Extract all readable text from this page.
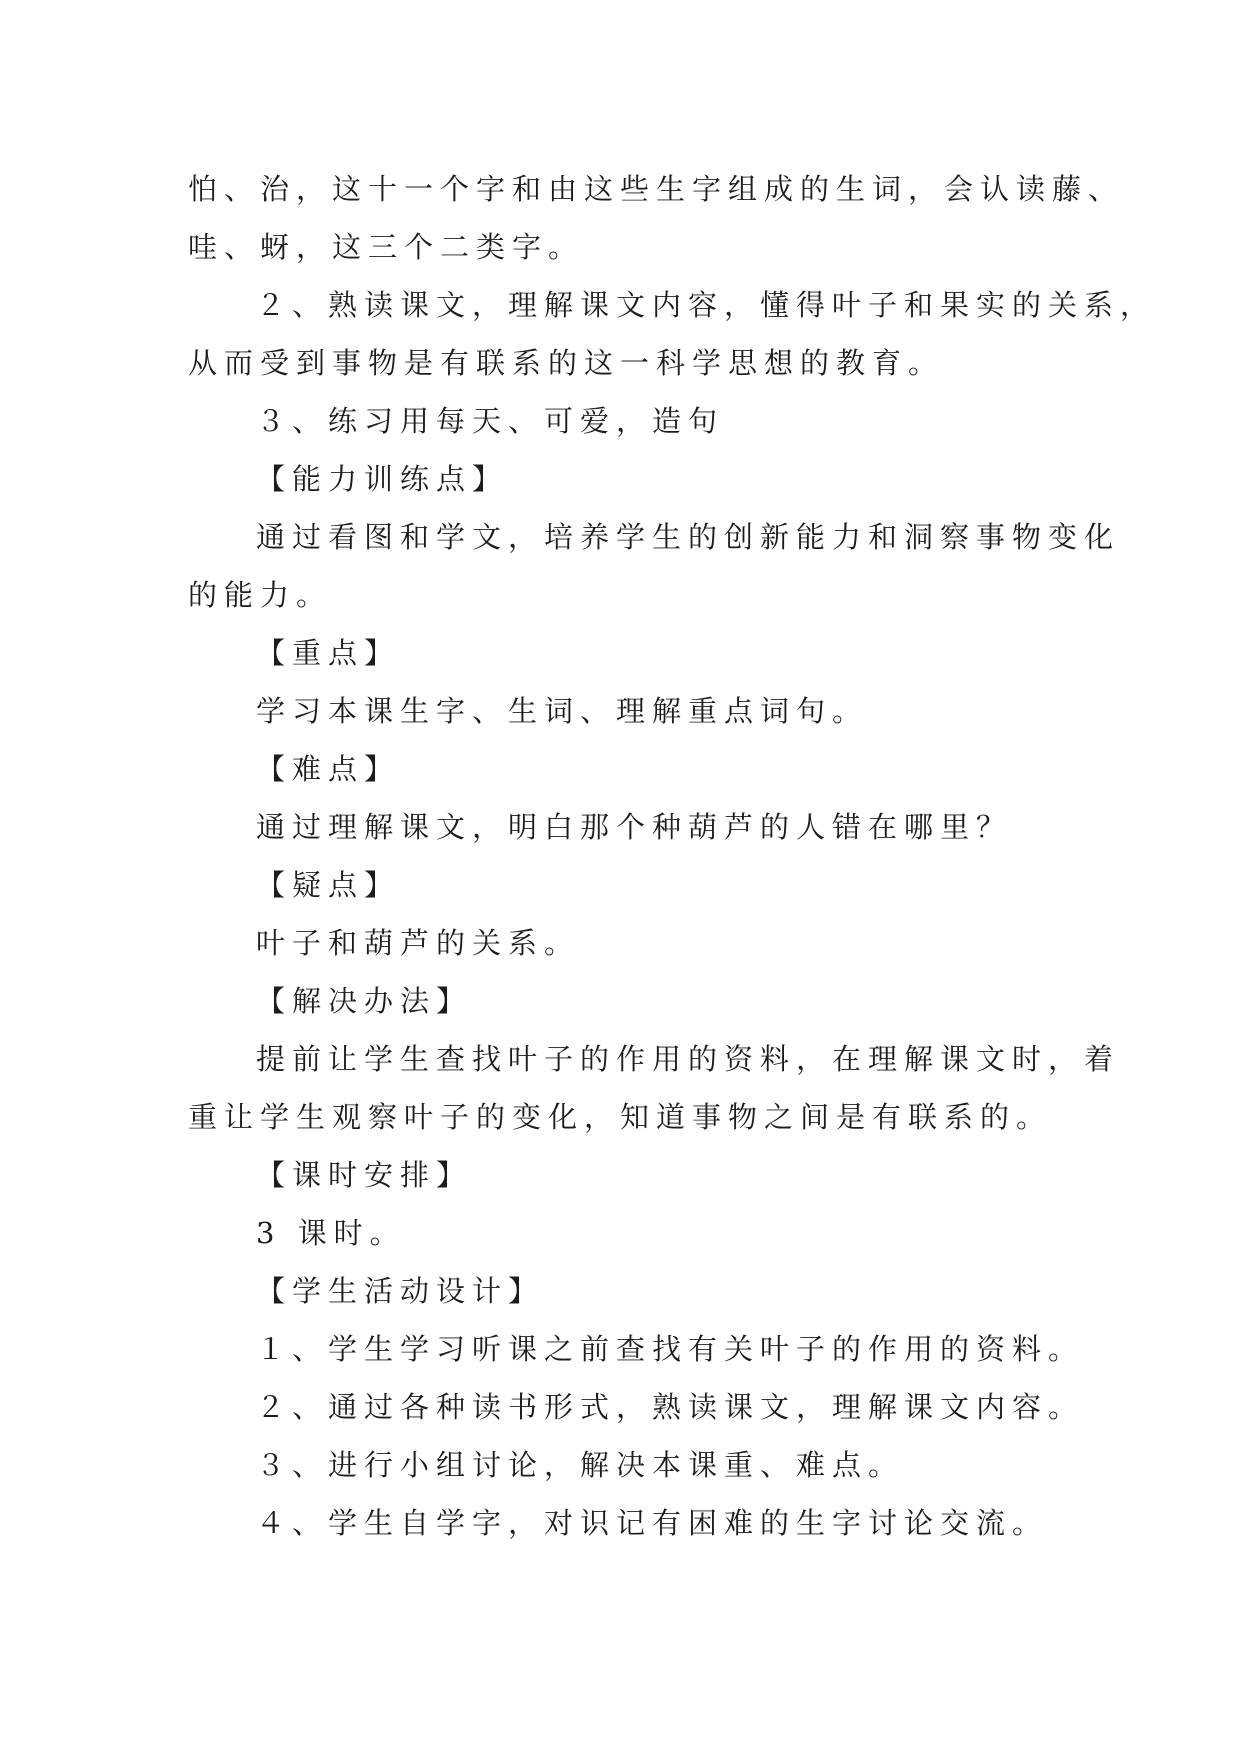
怕、治，这十一个字和由这些生字组成的生词，会认读藤、
哇、蚜，这三个二类字。
２、熟读课文，理解课文内容，懂得叶子和果实的关系，
从而受到事物是有联系的这一科学思想的教育。
３、练习用每天、可爱，造句
【能力训练点】
通过看图和学文，培养学生的创新能力和洞察事物变化
的能力。
【重点】
学习本课生字、生词、理解重点词句。
【难点】
通过理解课文，明白那个种葫芦的人错在哪里？
【疑点】
叶子和葫芦的关系。
【解决办法】
提前让学生查找叶子的作用的资料，在理解课文时，着
重让学生观察叶子的变化，知道事物之间是有联系的。
【课时安排】
3 课时。
【学生活动设计】
１、学生学习听课之前查找有关叶子的作用的资料。
２、通过各种读书形式，熟读课文，理解课文内容。
３、进行小组讨论，解决本课重、难点。
４、学生自学字，对识记有困难的生字讨论交流。
